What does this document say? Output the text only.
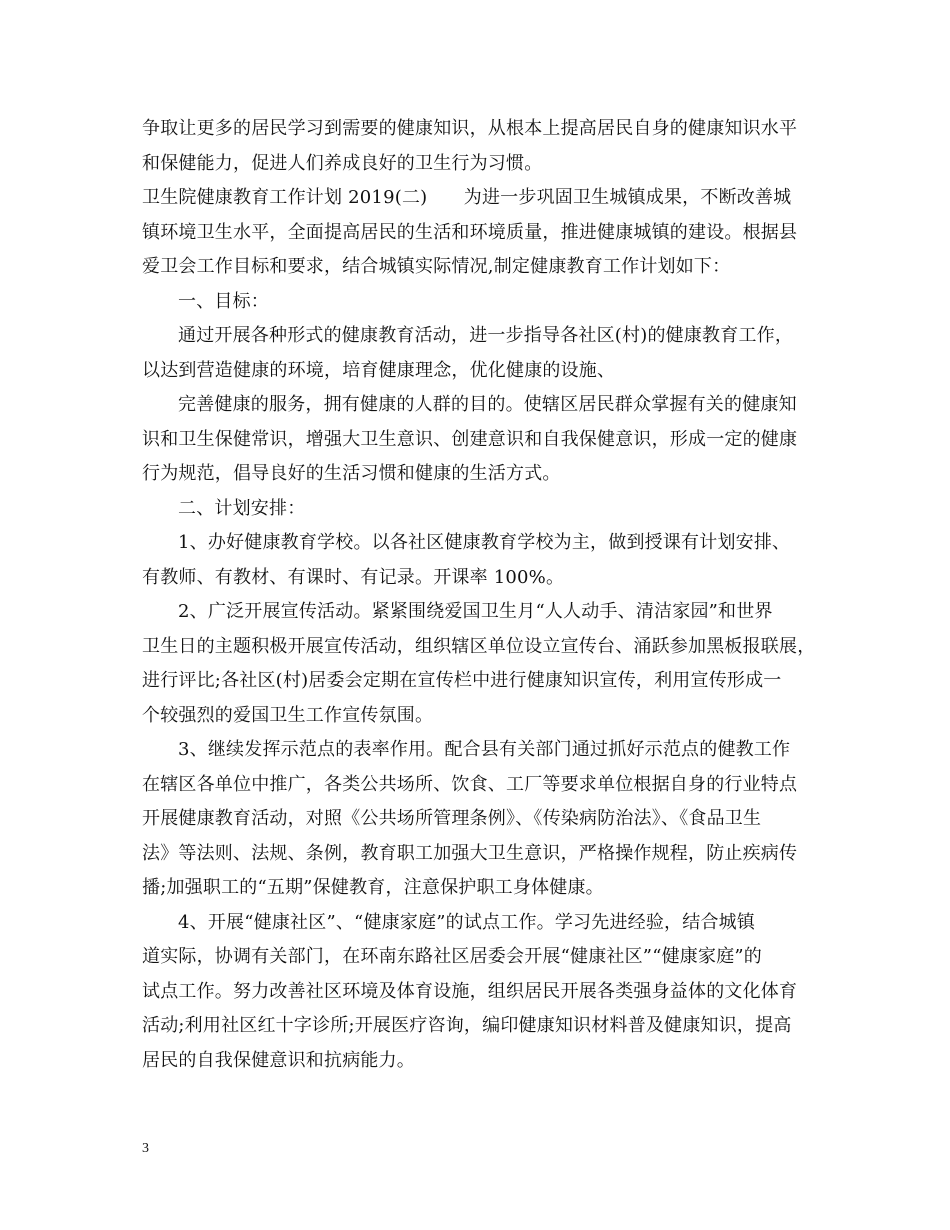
争取让更多的居民学习到需要的健康知识，从根本上提高居民自身的健康知识水平
和保健能力，促进人们养成良好的卫生行为习惯。
卫生院健康教育工作计划 2019(二)　　为进一步巩固卫生城镇成果，不断改善城
镇环境卫生水平，全面提高居民的生活和环境质量，推进健康城镇的建设。根据县
爱卫会工作目标和要求，结合城镇实际情况,制定健康教育工作计划如下：
一、目标：
通过开展各种形式的健康教育活动，进一步指导各社区(村)的健康教育工作，
以达到营造健康的环境，培育健康理念，优化健康的设施、
完善健康的服务，拥有健康的人群的目的。使辖区居民群众掌握有关的健康知
识和卫生保健常识，增强大卫生意识、创建意识和自我保健意识，形成一定的健康
行为规范，倡导良好的生活习惯和健康的生活方式。
二、计划安排：
1、办好健康教育学校。以各社区健康教育学校为主，做到授课有计划安排、
有教师、有教材、有课时、有记录。开课率 100%。
2、广泛开展宣传活动。紧紧围绕爱国卫生月“人人动手、清洁家园”和世界
卫生日的主题积极开展宣传活动，组织辖区单位设立宣传台、涌跃参加黑板报联展，
进行评比;各社区(村)居委会定期在宣传栏中进行健康知识宣传，利用宣传形成一
个较强烈的爱国卫生工作宣传氛围。
3、继续发挥示范点的表率作用。配合县有关部门通过抓好示范点的健教工作
在辖区各单位中推广，各类公共场所、饮食、工厂等要求单位根据自身的行业特点
开展健康教育活动，对照《公共场所管理条例》、《传染病防治法》、《食品卫生
法》等法则、法规、条例，教育职工加强大卫生意识，严格操作规程，防止疾病传
播;加强职工的“五期”保健教育，注意保护职工身体健康。
4、开展“健康社区”、“健康家庭”的试点工作。学习先进经验，结合城镇
道实际，协调有关部门，在环南东路社区居委会开展“健康社区”“健康家庭”的
试点工作。努力改善社区环境及体育设施，组织居民开展各类强身益体的文化体育
活动;利用社区红十字诊所;开展医疗咨询，编印健康知识材料普及健康知识，提高
居民的自我保健意识和抗病能力。
3
